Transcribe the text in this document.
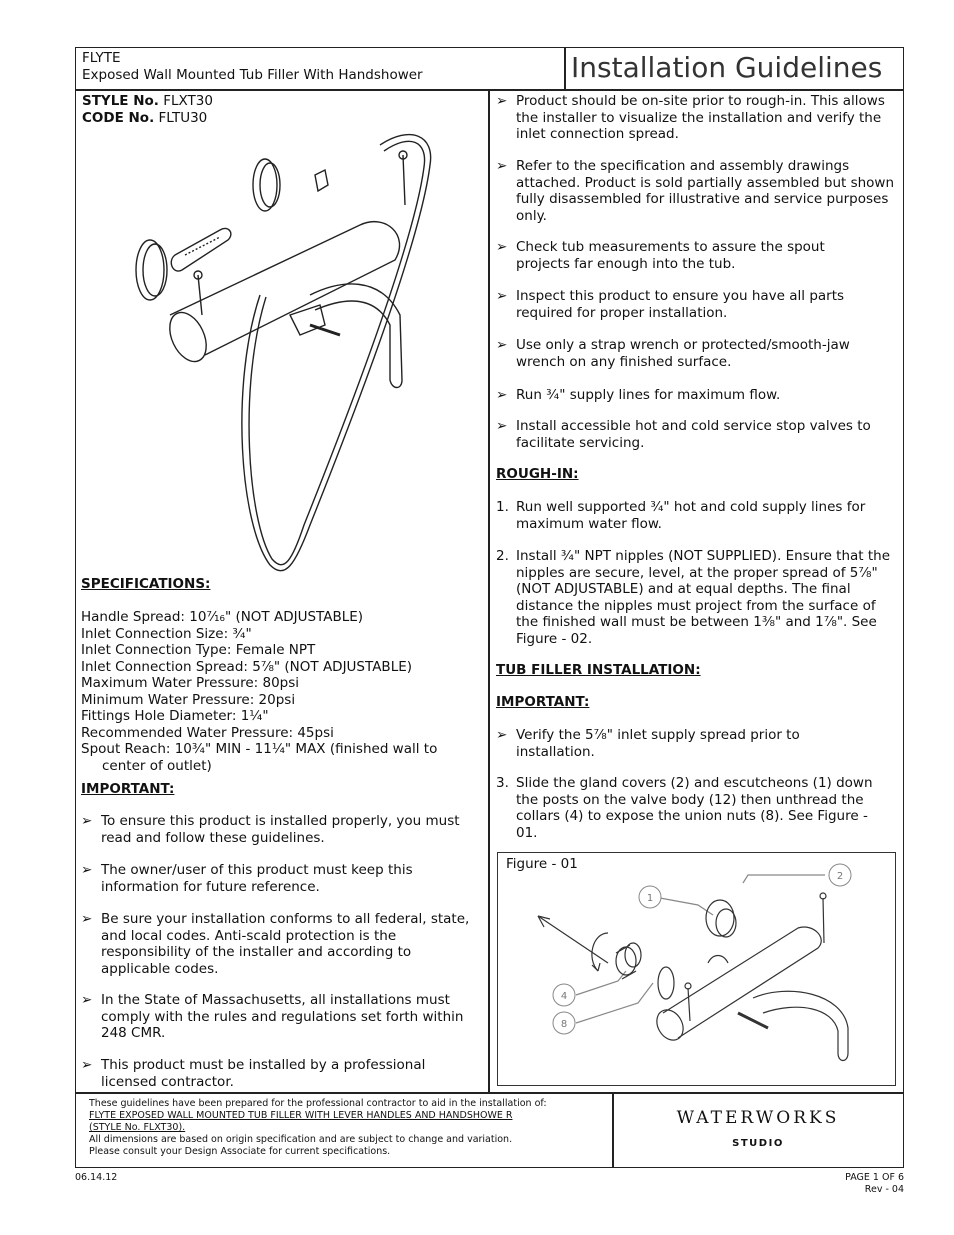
FLYTE
Exposed Wall Mounted Tub Filler With Handshower	Installation Guidelines
STYLE No. FLXT30
CODE No. FLTU30
SPECIFICATIONS:
Handle Spread: 10⁷⁄₁₆" (NOT ADJUSTABLE)
Inlet Connection Size: ¾"
Inlet Connection Type: Female NPT
Inlet Connection Spread: 5⅞" (NOT ADJUSTABLE)
Maximum Water Pressure: 80psi
Minimum Water Pressure: 20psi
Fittings Hole Diameter: 1¼"
Recommended Water Pressure: 45psi
Spout Reach: 10¾" MIN - 11¼" MAX (finished wall to
center of outlet)
IMPORTANT:
➢ To ensure this product is installed properly, you must read and follow these guidelines.
➢ The owner/user of this product must keep this information for future reference.
➢ Be sure your installation conforms to all federal, state, and local codes. Anti-scald protection is the responsibility of the installer and according to applicable codes.
➢ In the State of Massachusetts, all installations must comply with the rules and regulations set forth within 248 CMR.
➢ This product must be installed by a professional licensed contractor.
➢ Product should be on-site prior to rough-in. This allows the installer to visualize the installation and verify the inlet connection spread.
➢ Refer to the specification and assembly drawings attached. Product is sold partially assembled but shown fully disassembled for illustrative and service purposes only.
➢ Check tub measurements to assure the spout projects far enough into the tub.
➢ Inspect this product to ensure you have all parts required for proper installation.
➢ Use only a strap wrench or protected/smooth-jaw wrench on any finished surface.
➢ Run ¾" supply lines for maximum flow.
➢ Install accessible hot and cold service stop valves to facilitate servicing.
ROUGH-IN:
1. Run well supported ¾" hot and cold supply lines for maximum water flow.
2. Install ¾" NPT nipples (NOT SUPPLIED). Ensure that the nipples are secure, level, at the proper spread of 5⅞" (NOT ADJUSTABLE) and at equal depths. The final distance the nipples must project from the surface of the finished wall must be between 1⅜" and 1⅞". See Figure - 02.
TUB FILLER INSTALLATION:
IMPORTANT:
➢ Verify the 5⅞" inlet supply spread prior to installation.
3. Slide the gland covers (2) and escutcheons (1) down the posts on the valve body (12) then unthread the collars (4) to expose the union nuts (8). See Figure - 01.
Figure - 01
1
2
4
8
These guidelines have been prepared for the professional contractor to aid in the installation of:
FLYTE EXPOSED WALL MOUNTED TUB FILLER WITH LEVER HANDLES AND HANDSHOWE R
(STYLE No. FLXT30).
All dimensions are based on origin specification and are subject to change and variation.
Please consult your Design Associate for current specifications.
WATERWORKS
STUDIO
06.14.12	PAGE 1 OF 6
Rev - 04
